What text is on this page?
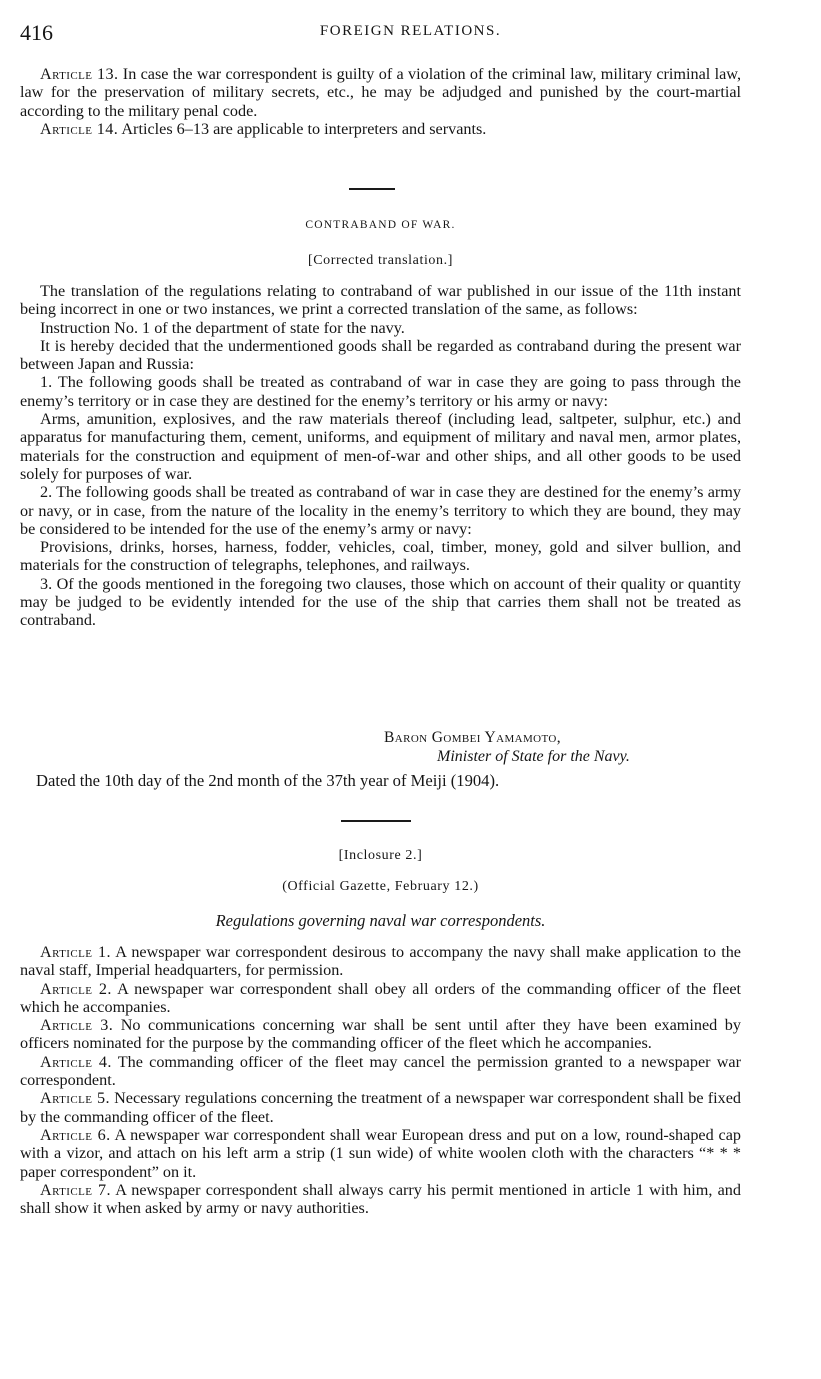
416	FOREIGN RELATIONS.

Article 13. In case the war correspondent is guilty of a violation of the criminal law, military criminal law, law for the preservation of military secrets, etc., he may be adjudged and punished by the court-martial according to the military penal code.

Article 14. Articles 6–13 are applicable to interpreters and servants.

CONTRABAND OF WAR.
[Corrected translation.]

The translation of the regulations relating to contraband of war published in our issue of the 11th instant being incorrect in one or two instances, we print a corrected translation of the same, as follows:

Instruction No. 1 of the department of state for the navy.

It is hereby decided that the undermentioned goods shall be regarded as contraband during the present war between Japan and Russia:

1. The following goods shall be treated as contraband of war in case they are going to pass through the enemy’s territory or in case they are destined for the enemy’s territory or his army or navy:

Arms, amunition, explosives, and the raw materials thereof (including lead, saltpeter, sulphur, etc.) and apparatus for manufacturing them, cement, uniforms, and equipment of military and naval men, armor plates, materials for the construction and equipment of men-of-war and other ships, and all other goods to be used solely for purposes of war.

2. The following goods shall be treated as contraband of war in case they are destined for the enemy’s army or navy, or in case, from the nature of the locality in the enemy’s territory to which they are bound, they may be considered to be intended for the use of the enemy’s army or navy:

Provisions, drinks, horses, harness, fodder, vehicles, coal, timber, money, gold and silver bullion, and materials for the construction of telegraphs, telephones, and railways.

3. Of the goods mentioned in the foregoing two clauses, those which on account of their quality or quantity may be judged to be evidently intended for the use of the ship that carries them shall not be treated as contraband.

Baron Gombei Yamamoto,
Minister of State for the Navy.
Dated the 10th day of the 2nd month of the 37th year of Meiji (1904).
[Inclosure 2.]
(Official Gazette, February 12.)
Regulations governing naval war correspondents.

Article 1. A newspaper war correspondent desirous to accompany the navy shall make application to the naval staff, Imperial headquarters, for permission.

Article 2. A newspaper war correspondent shall obey all orders of the commanding officer of the fleet which he accompanies.

Article 3. No communications concerning war shall be sent until after they have been examined by officers nominated for the purpose by the commanding officer of the fleet which he accompanies.

Article 4. The commanding officer of the fleet may cancel the permission granted to a newspaper war correspondent.

Article 5. Necessary regulations concerning the treatment of a newspaper war correspondent shall be fixed by the commanding officer of the fleet.

Article 6. A newspaper war correspondent shall wear European dress and put on a low, round-shaped cap with a vizor, and attach on his left arm a strip (1 sun wide) of white woolen cloth with the characters “* * * paper correspondent” on it.

Article 7. A newspaper correspondent shall always carry his permit mentioned in article 1 with him, and shall show it when asked by army or navy authorities.
